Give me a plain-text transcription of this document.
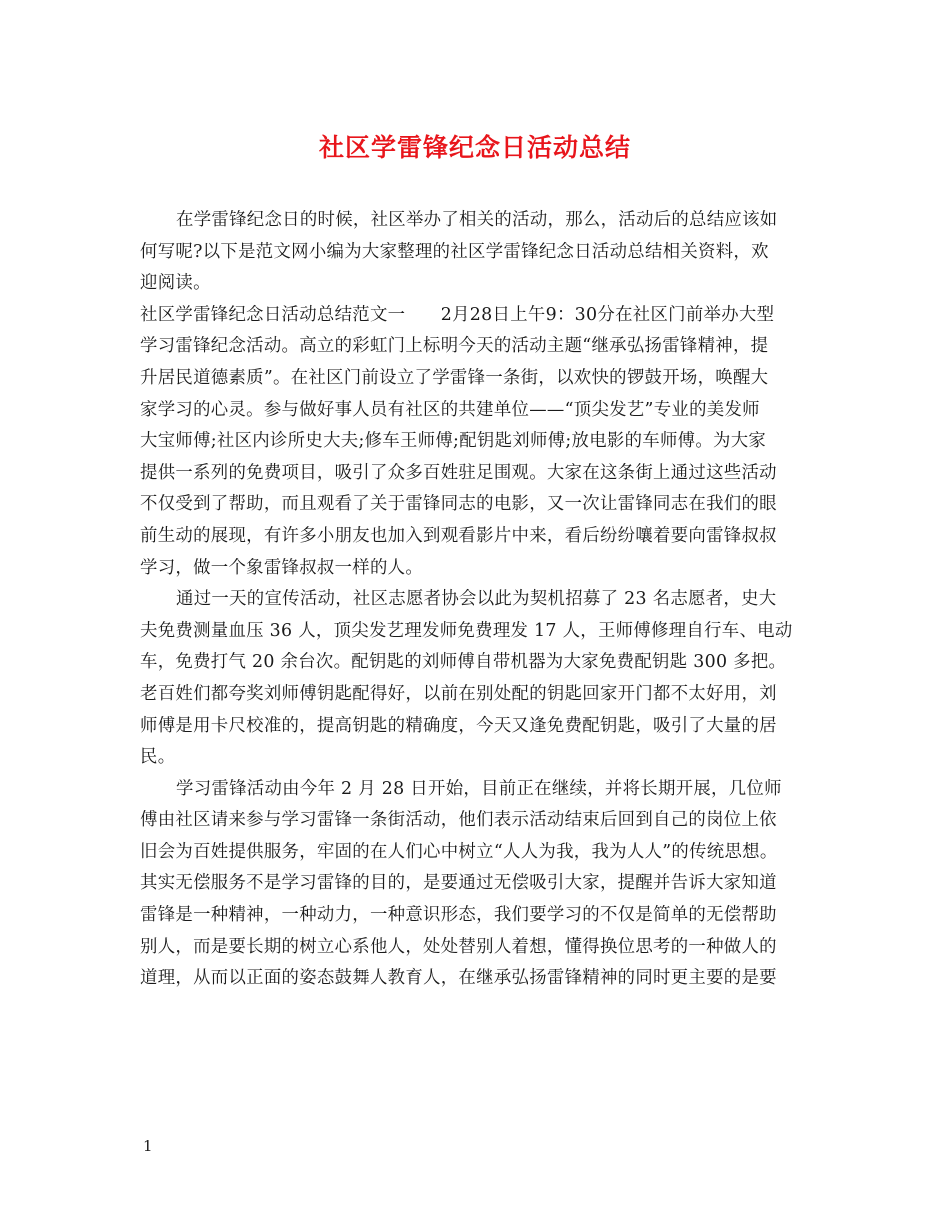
社区学雷锋纪念日活动总结
在学雷锋纪念日的时候，社区举办了相关的活动，那么，活动后的总结应该如
何写呢?以下是范文网小编为大家整理的社区学雷锋纪念日活动总结相关资料，欢
迎阅读。
社区学雷锋纪念日活动总结范文一　　2月28日上午9：30分在社区门前举办大型
学习雷锋纪念活动。高立的彩虹门上标明今天的活动主题“继承弘扬雷锋精神，提
升居民道德素质”。在社区门前设立了学雷锋一条街，以欢快的锣鼓开场，唤醒大
家学习的心灵。参与做好事人员有社区的共建单位——“顶尖发艺”专业的美发师
大宝师傅;社区内诊所史大夫;修车王师傅;配钥匙刘师傅;放电影的车师傅。为大家
提供一系列的免费项目，吸引了众多百姓驻足围观。大家在这条街上通过这些活动
不仅受到了帮助，而且观看了关于雷锋同志的电影，又一次让雷锋同志在我们的眼
前生动的展现，有许多小朋友也加入到观看影片中来，看后纷纷嚷着要向雷锋叔叔
学习，做一个象雷锋叔叔一样的人。
通过一天的宣传活动，社区志愿者协会以此为契机招募了 23 名志愿者，史大
夫免费测量血压 36 人，顶尖发艺理发师免费理发 17 人，王师傅修理自行车、电动
车，免费打气 20 余台次。配钥匙的刘师傅自带机器为大家免费配钥匙 300 多把。
老百姓们都夸奖刘师傅钥匙配得好，以前在别处配的钥匙回家开门都不太好用，刘
师傅是用卡尺校准的，提高钥匙的精确度，今天又逢免费配钥匙，吸引了大量的居
民。
学习雷锋活动由今年 2 月 28 日开始，目前正在继续，并将长期开展，几位师
傅由社区请来参与学习雷锋一条街活动，他们表示活动结束后回到自己的岗位上依
旧会为百姓提供服务，牢固的在人们心中树立“人人为我，我为人人”的传统思想。
其实无偿服务不是学习雷锋的目的，是要通过无偿吸引大家，提醒并告诉大家知道
雷锋是一种精神，一种动力，一种意识形态，我们要学习的不仅是简单的无偿帮助
别人，而是要长期的树立心系他人，处处替别人着想，懂得换位思考的一种做人的
道理，从而以正面的姿态鼓舞人教育人，在继承弘扬雷锋精神的同时更主要的是要
1
